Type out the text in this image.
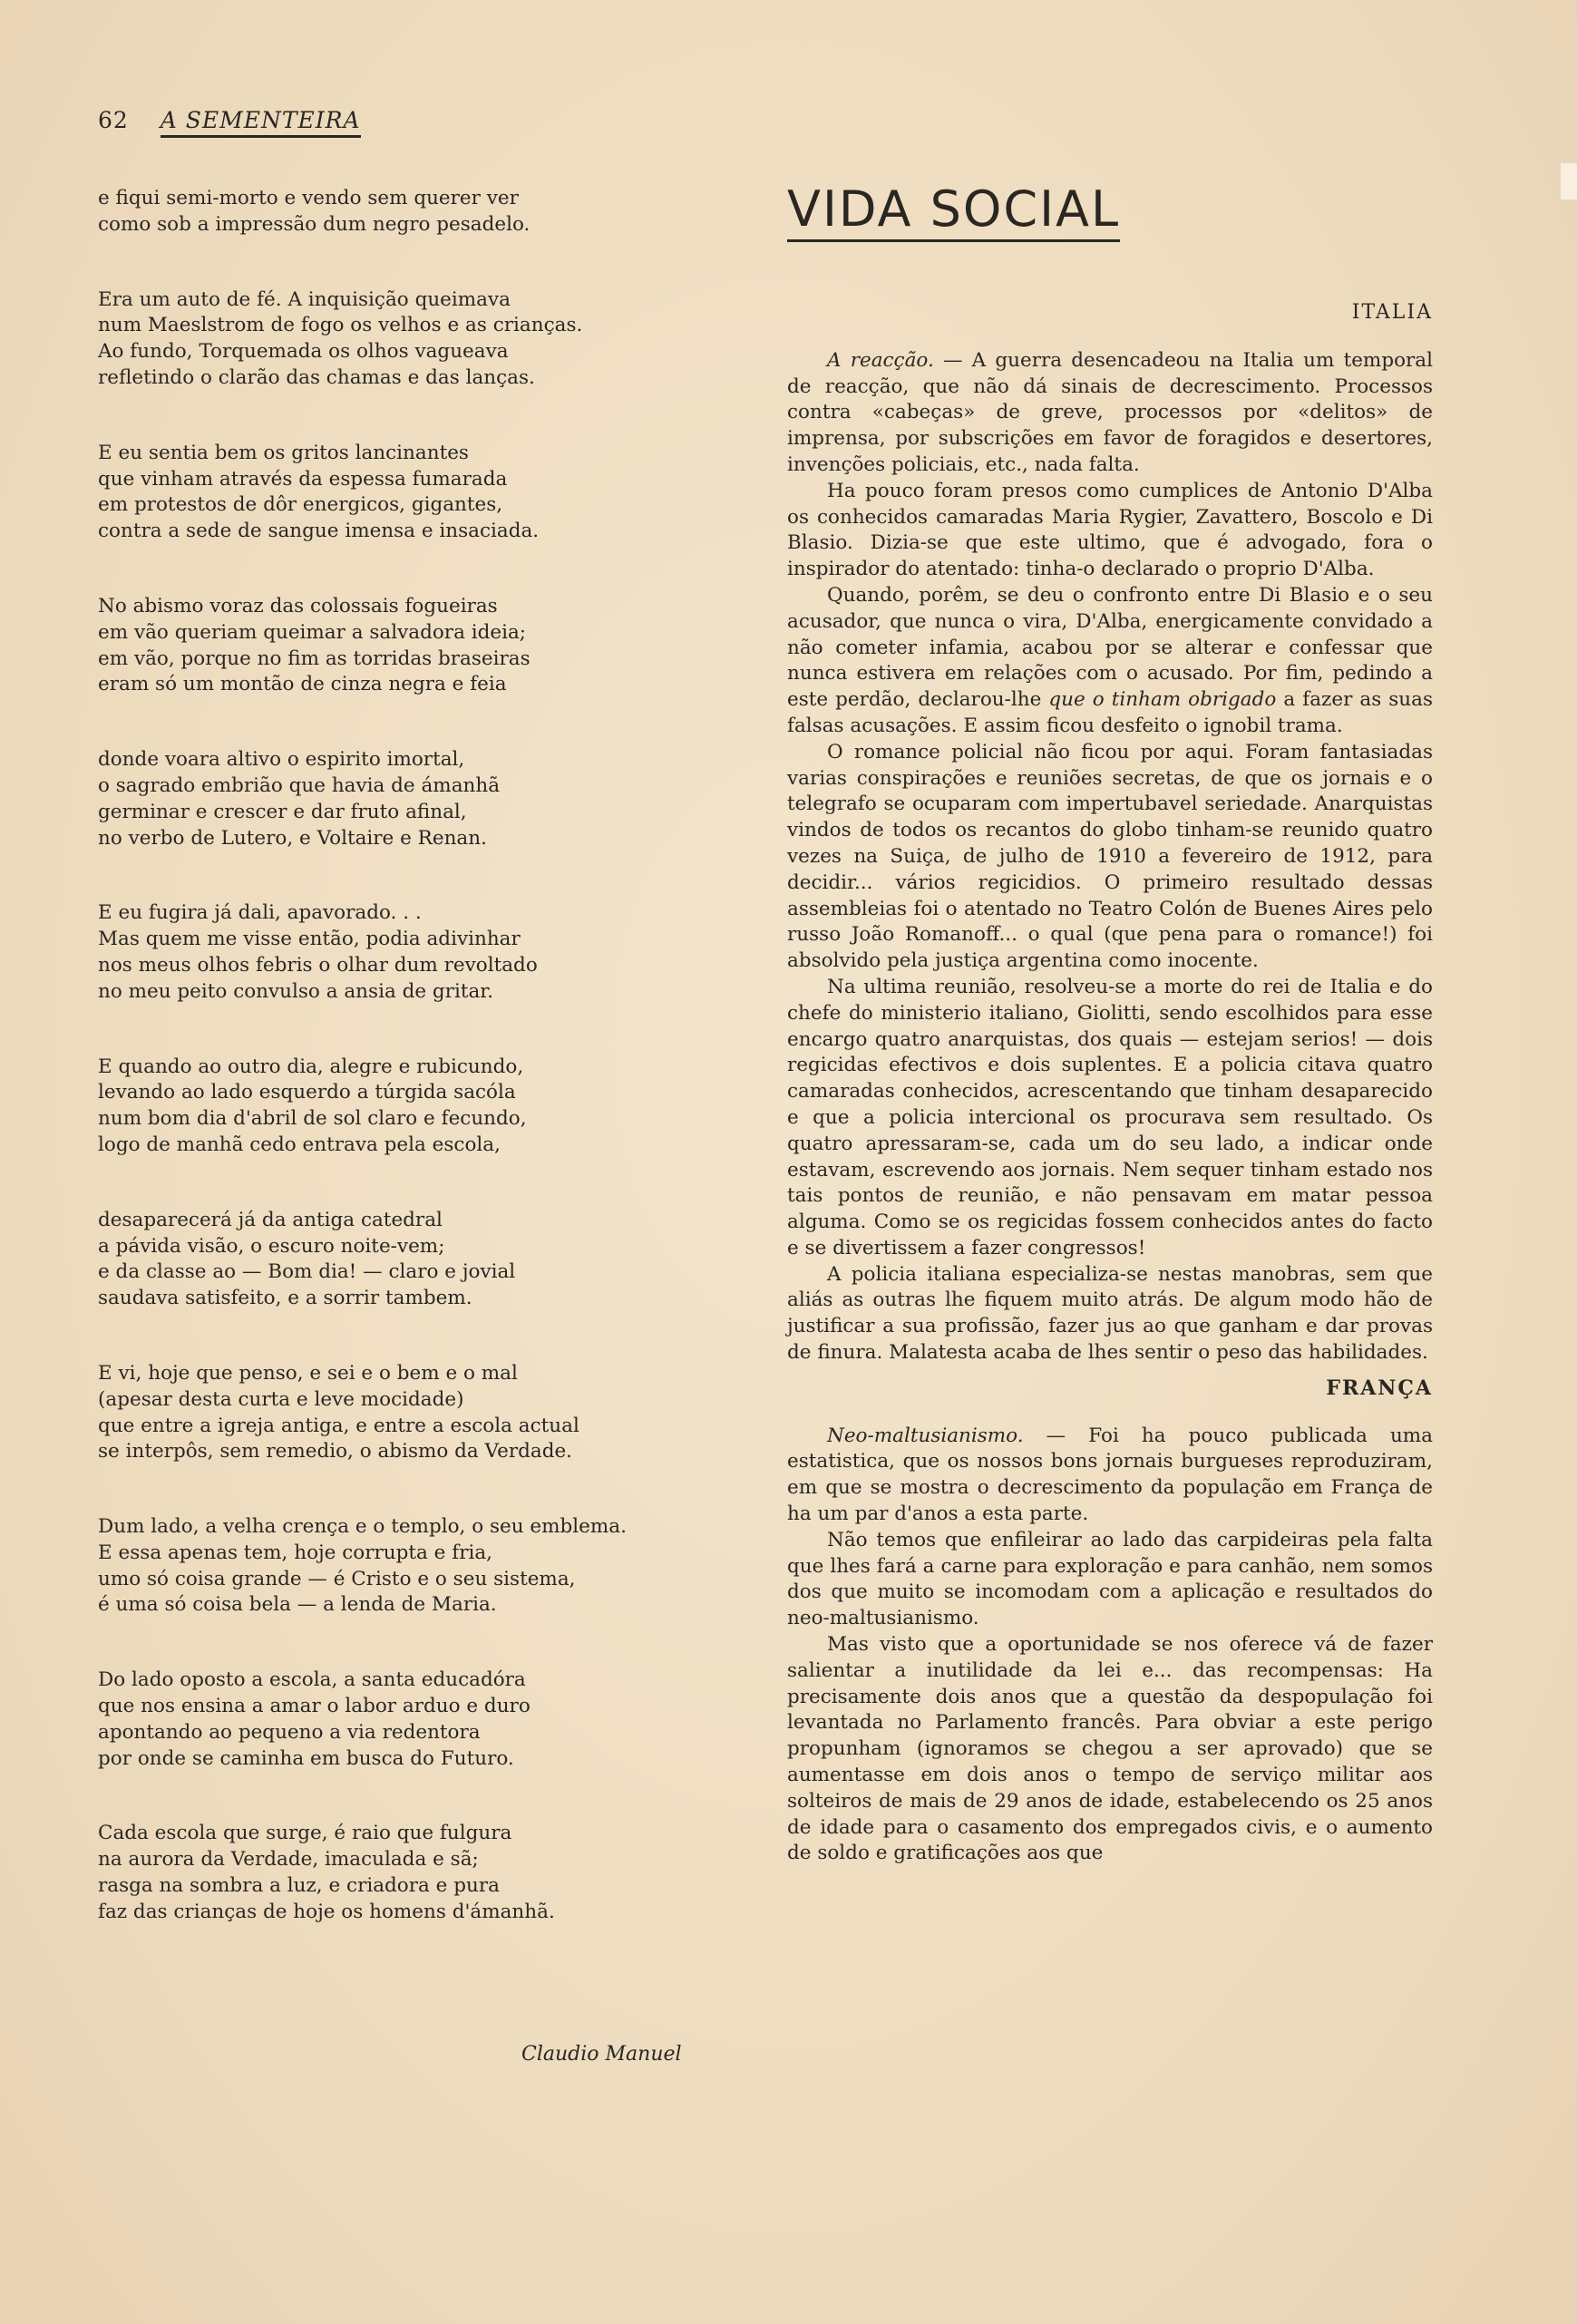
62 A SEMENTEIRA
e fiqui semi-morto e vendo sem querer ver
como sob a impressão dum negro pesadelo.
Era um auto de fé. A inquisição queimava
num Maeslstrom de fogo os velhos e as crianças.
Ao fundo, Torquemada os olhos vagueava
refletindo o clarão das chamas e das lanças.
E eu sentia bem os gritos lancinantes
que vinham através da espessa fumarada
em protestos de dôr energicos, gigantes,
contra a sede de sangue imensa e insaciada.
No abismo voraz das colossais fogueiras
em vão queriam queimar a salvadora ideia;
em vão, porque no fim as torridas braseiras
eram só um montão de cinza negra e feia
donde voara altivo o espirito imortal,
o sagrado embrião que havia de ámanhã
germinar e crescer e dar fruto afinal,
no verbo de Lutero, e Voltaire e Renan.
E eu fugira já dali, apavorado. . .
Mas quem me visse então, podia adivinhar
nos meus olhos febris o olhar dum revoltado
no meu peito convulso a ansia de gritar.
E quando ao outro dia, alegre e rubicundo,
levando ao lado esquerdo a túrgida sacóla
num bom dia d'abril de sol claro e fecundo,
logo de manhã cedo entrava pela escola,
desaparecerá já da antiga catedral
a pávida visão, o escuro noite-vem;
e da classe ao — Bom dia! — claro e jovial
saudava satisfeito, e a sorrir tambem.
E vi, hoje que penso, e sei e o bem e o mal
(apesar desta curta e leve mocidade)
que entre a igreja antiga, e entre a escola actual
se interpôs, sem remedio, o abismo da Verdade.
Dum lado, a velha crença e o templo, o seu emblema.
E essa apenas tem, hoje corrupta e fria,
umo só coisa grande — é Cristo e o seu sistema,
é uma só coisa bela — a lenda de Maria.
Do lado oposto a escola, a santa educadóra
que nos ensina a amar o labor arduo e duro
apontando ao pequeno a via redentora
por onde se caminha em busca do Futuro.
Cada escola que surge, é raio que fulgura
na aurora da Verdade, imaculada e sã;
rasga na sombra a luz, e criadora e pura
faz das crianças de hoje os homens d'ámanhã.
Claudio Manuel
VIDA SOCIAL
ITALIA

A reacção. — A guerra desencadeou na Italia um temporal de reacção, que não dá sinais de decrescimento. Processos contra «cabeças» de greve, processos por «delitos» de imprensa, por subscrições em favor de foragidos e desertores, invenções policiais, etc., nada falta.

Ha pouco foram presos como cumplices de Antonio D'Alba os conhecidos camaradas Maria Rygier, Zavattero, Boscolo e Di Blasio. Dizia-se que este ultimo, que é advogado, fora o inspirador do atentado: tinha-o declarado o proprio D'Alba.

Quando, porêm, se deu o confronto entre Di Blasio e o seu acusador, que nunca o vira, D'Alba, energicamente convidado a não cometer infamia, acabou por se alterar e confessar que nunca estivera em relações com o acusado. Por fim, pedindo a este perdão, declarou-lhe que o tinham obrigado a fazer as suas falsas acusações. E assim ficou desfeito o ignobil trama.

O romance policial não ficou por aqui. Foram fantasiadas varias conspirações e reuniões secretas, de que os jornais e o telegrafo se ocuparam com impertubavel seriedade. Anarquistas vindos de todos os recantos do globo tinham-se reunido quatro vezes na Suiça, de julho de 1910 a fevereiro de 1912, para decidir... vários regicidios. O primeiro resultado dessas assembleias foi o atentado no Teatro Colón de Buenes Aires pelo russo João Romanoff... o qual (que pena para o romance!) foi absolvido pela justiça argentina como inocente.

Na ultima reunião, resolveu-se a morte do rei de Italia e do chefe do ministerio italiano, Giolitti, sendo escolhidos para esse encargo quatro anarquistas, dos quais — estejam serios! — dois regicidas efectivos e dois suplentes. E a policia citava quatro camaradas conhecidos, acrescentando que tinham desaparecido e que a policia intercional os procurava sem resultado. Os quatro apressaram-se, cada um do seu lado, a indicar onde estavam, escrevendo aos jornais. Nem sequer tinham estado nos tais pontos de reunião, e não pensavam em matar pessoa alguma. Como se os regicidas fossem conhecidos antes do facto e se divertissem a fazer congressos!

A policia italiana especializa-se nestas manobras, sem que aliás as outras lhe fiquem muito atrás. De algum modo hão de justificar a sua profissão, fazer jus ao que ganham e dar provas de finura. Malatesta acaba de lhes sentir o peso das habilidades.

FRANÇA

Neo-maltusianismo. — Foi ha pouco publicada uma estatistica, que os nossos bons jornais burgueses reproduziram, em que se mostra o decrescimento da população em França de ha um par d'anos a esta parte.

Não temos que enfileirar ao lado das carpideiras pela falta que lhes fará a carne para exploração e para canhão, nem somos dos que muito se incomodam com a aplicação e resultados do neo-maltusianismo.

Mas visto que a oportunidade se nos oferece vá de fazer salientar a inutilidade da lei e... das recompensas: Ha precisamente dois anos que a questão da despopulação foi levantada no Parlamento francês. Para obviar a este perigo propunham (ignoramos se chegou a ser aprovado) que se aumentasse em dois anos o tempo de serviço militar aos solteiros de mais de 29 anos de idade, estabelecendo os 25 anos de idade para o casamento dos empregados civis, e o aumento de soldo e gratificações aos que
